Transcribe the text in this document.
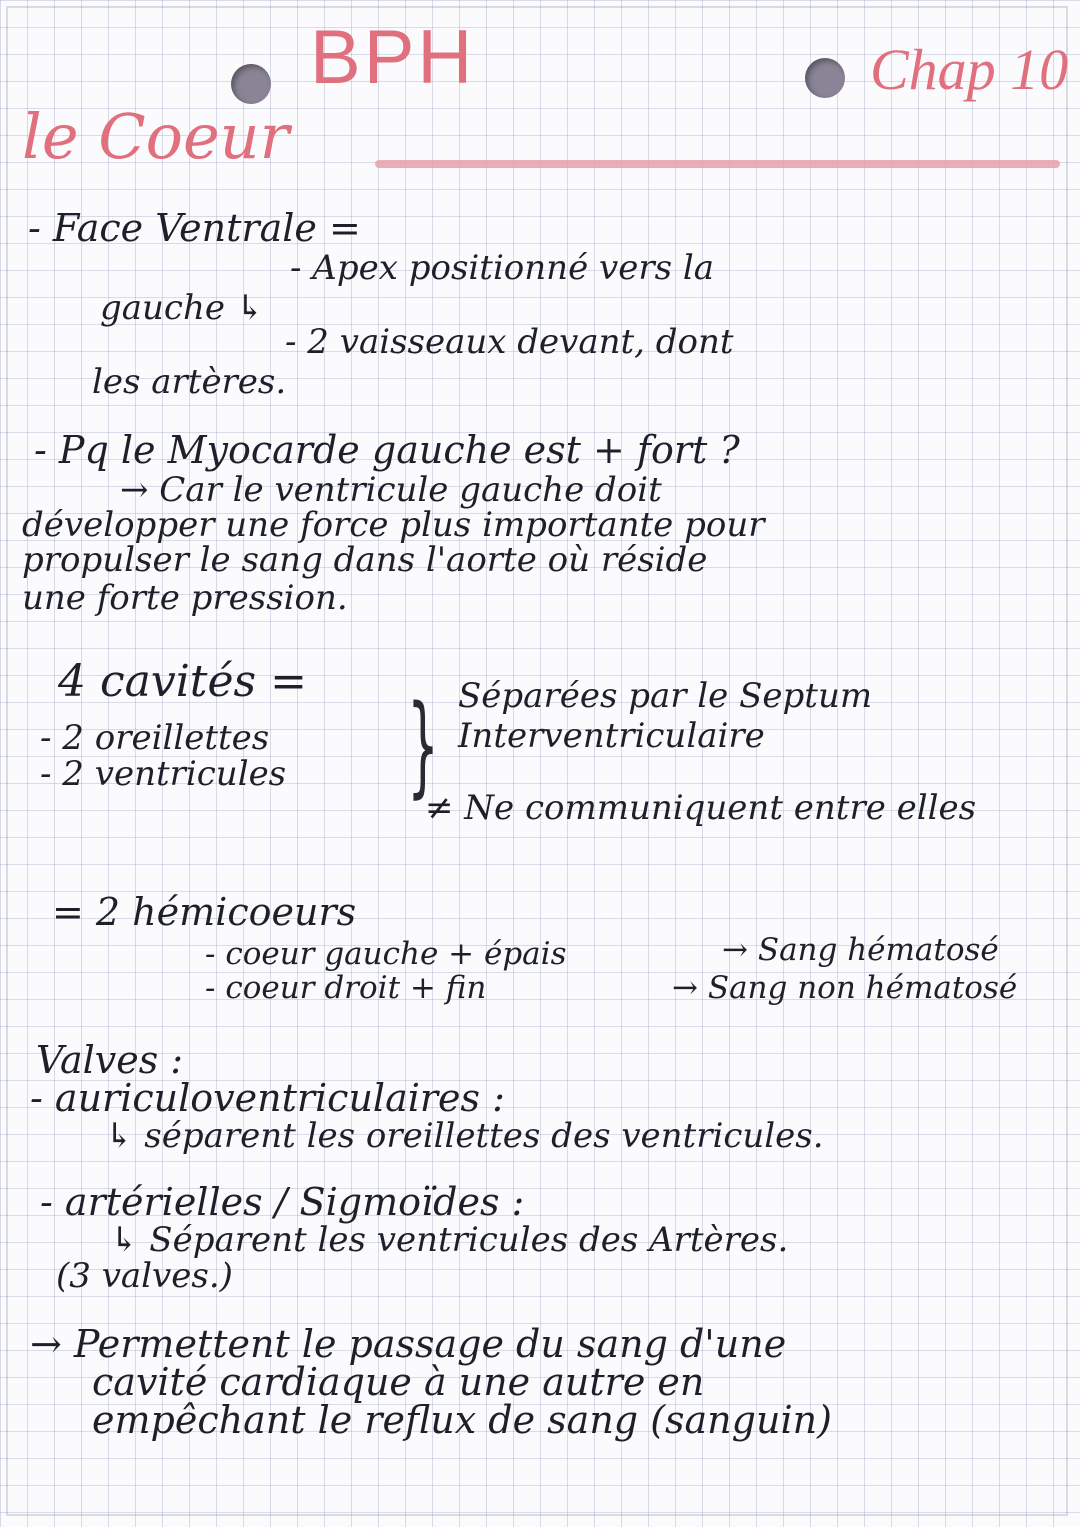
BPH
le Coeur
Chap 10
- Face Ventrale =
- Apex positionné vers la
gauche ↳
- 2 vaisseaux devant, dont
les artères.
- Pq le Myocarde gauche est + fort ?
→ Car le ventricule gauche doit
développer une force plus importante pour
propulser le sang dans l'aorte où réside
une forte pression.
4 cavités =
- 2 oreillettes
- 2 ventricules } Séparées par le Septum
Interventriculaire
≠ Ne communiquent entre elles
= 2 hémicoeurs
- coeur gauche + épais	→ Sang hématosé
- coeur droit + fin	→ Sang non hématosé
Valves :
- auriculoventriculaires :
↳ séparent les oreillettes des ventricules.
- artérielles / Sigmoïdes :
↳ Séparent les ventricules des Artères.
(3 valves.)
→ Permettent le passage du sang d'une
cavité cardiaque à une autre en
empêchant le reflux de sang (sanguin)
